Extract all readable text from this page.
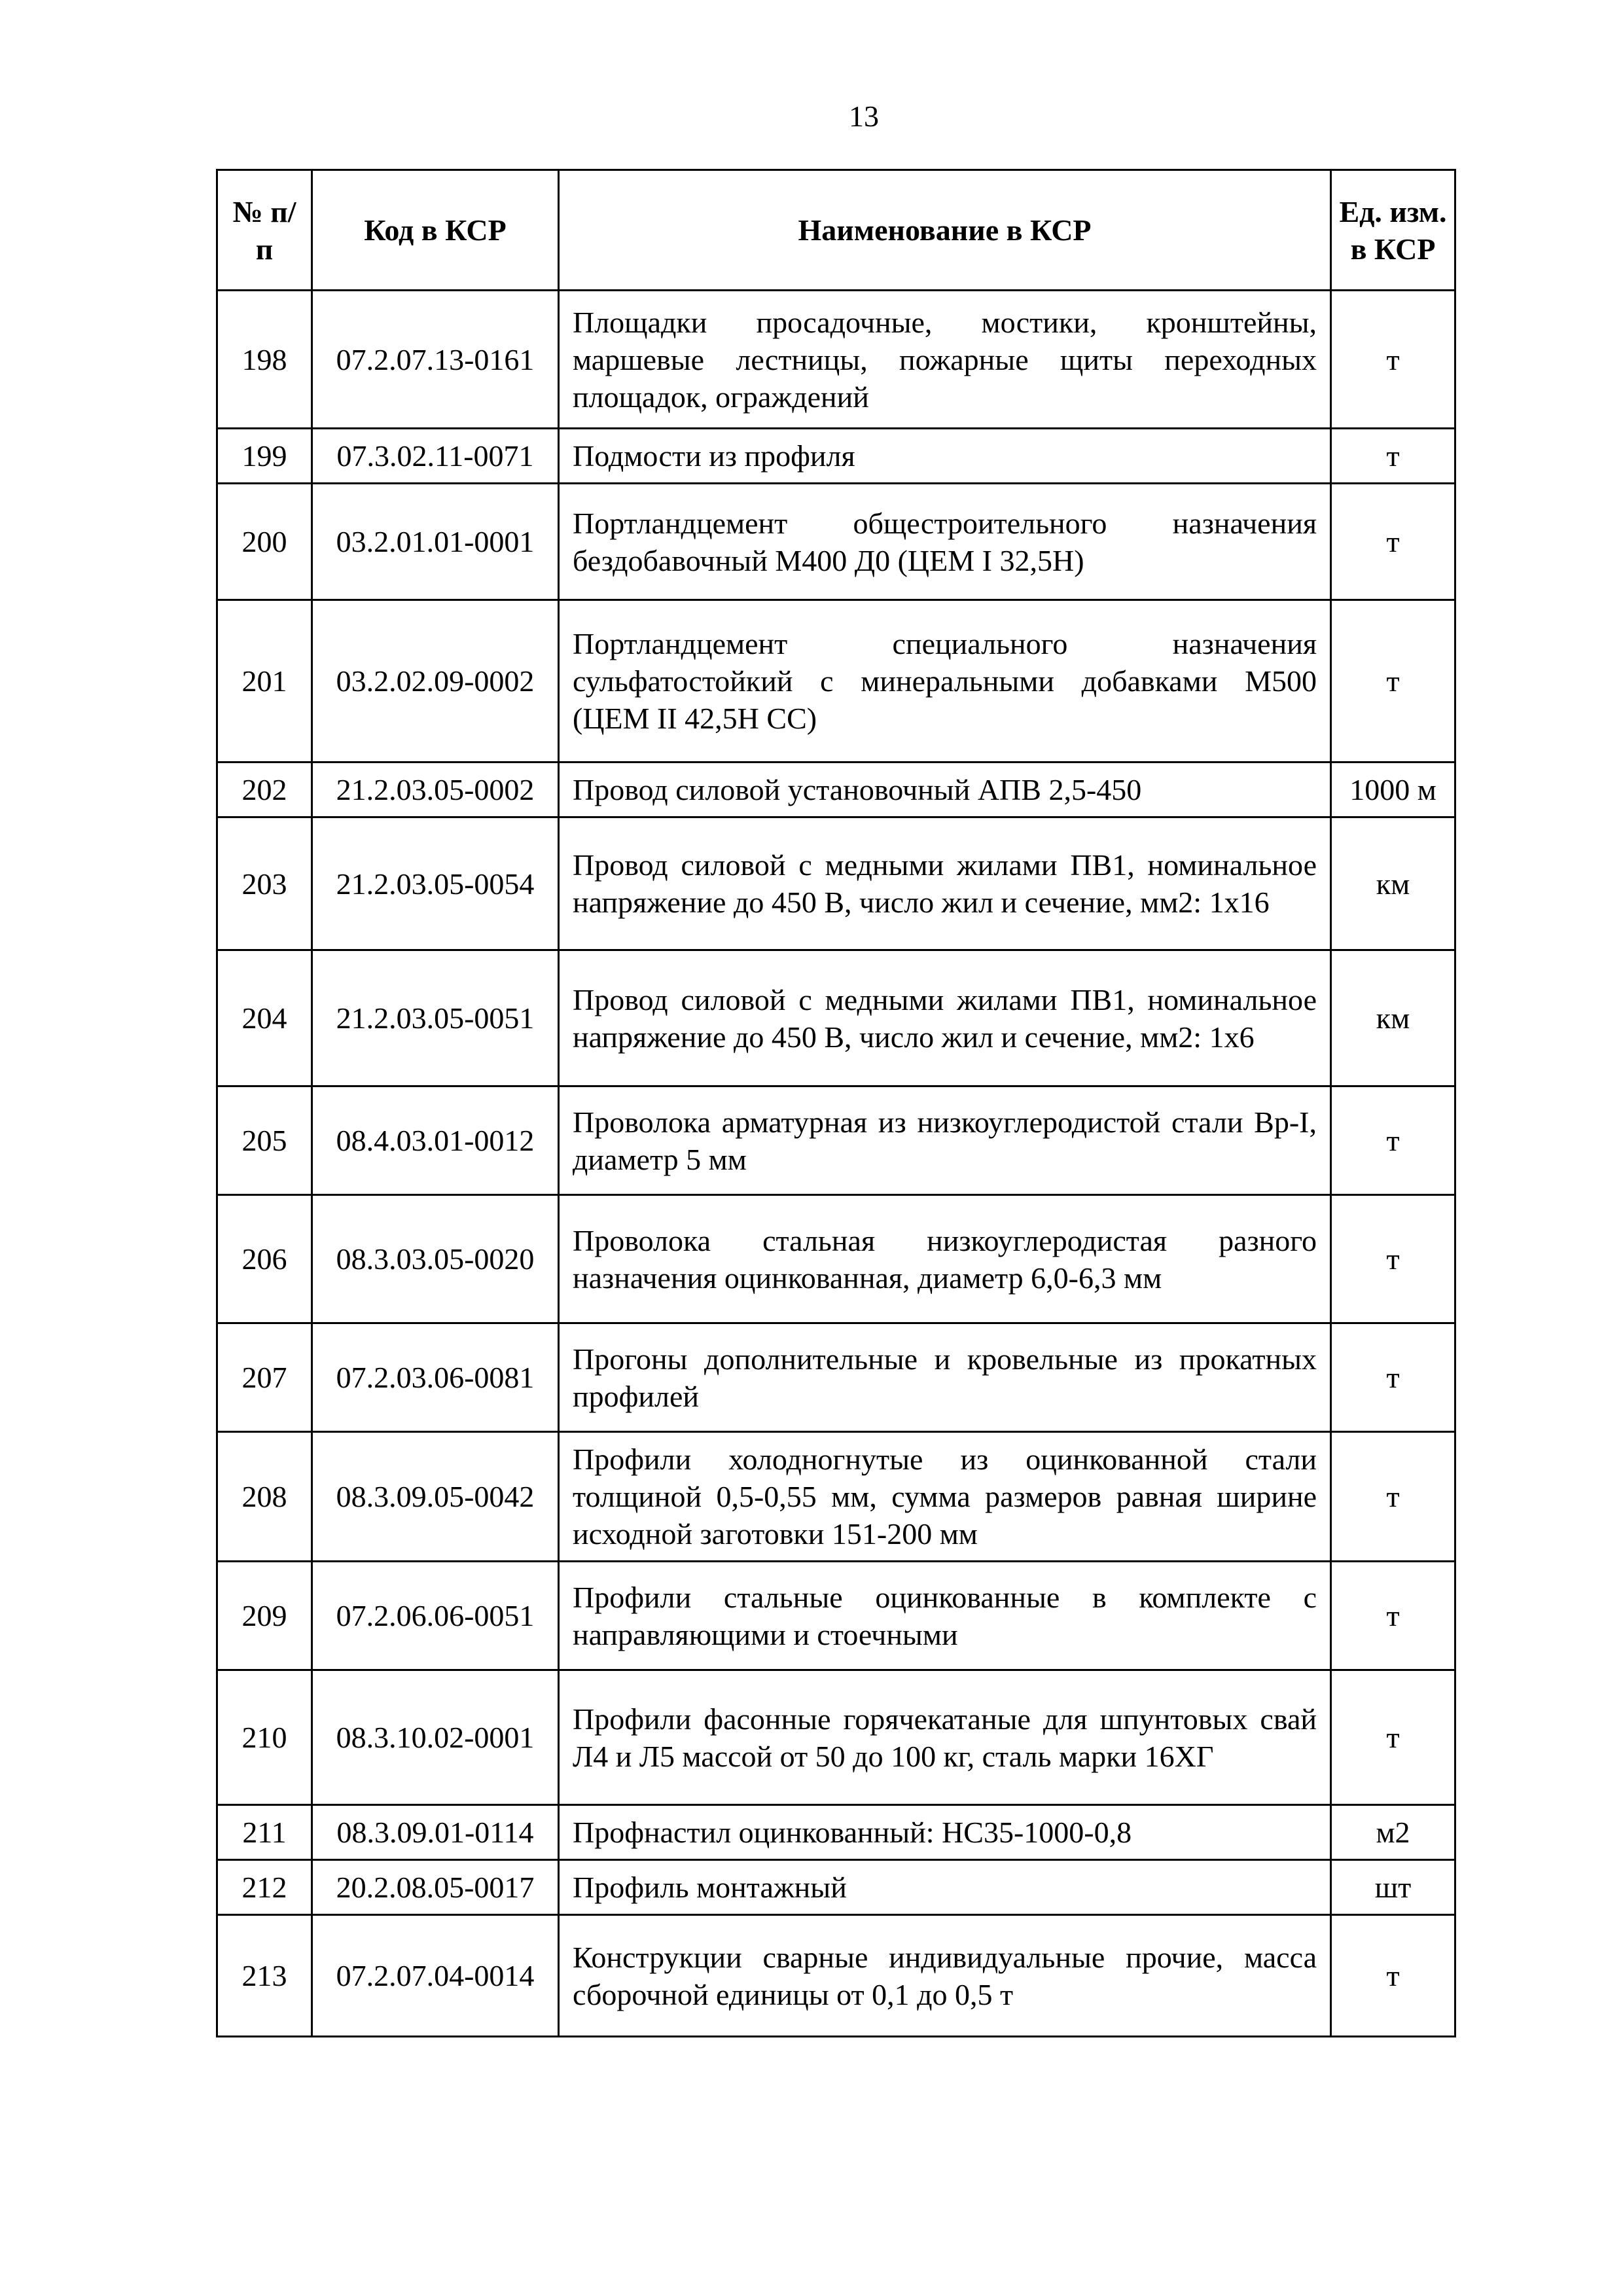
13
№ п/п	Код в КСР	Наименование в КСР	Ед. изм. в КСР
198	07.2.07.13-0161	Площадки просадочные, мостики, кронштейны, маршевые лестницы, пожарные щиты переходных площадок, ограждений	т
199	07.3.02.11-0071	Подмости из профиля	т
200	03.2.01.01-0001	Портландцемент общестроительного назначения бездобавочный М400 Д0 (ЦЕМ I 32,5Н)	т
201	03.2.02.09-0002	Портландцемент специального назначения сульфатостойкий с минеральными добавками М500 (ЦЕМ II 42,5Н СС)	т
202	21.2.03.05-0002	Провод силовой установочный АПВ 2,5-450	1000 м
203	21.2.03.05-0054	Провод силовой с медными жилами ПВ1, номинальное напряжение до 450 В, число жил и сечение, мм2: 1х16	км
204	21.2.03.05-0051	Провод силовой с медными жилами ПВ1, номинальное напряжение до 450 В, число жил и сечение, мм2: 1х6	км
205	08.4.03.01-0012	Проволока арматурная из низкоуглеродистой стали Вр-I, диаметр 5 мм	т
206	08.3.03.05-0020	Проволока стальная низкоуглеродистая разного назначения оцинкованная, диаметр 6,0-6,3 мм	т
207	07.2.03.06-0081	Прогоны дополнительные и кровельные из прокатных профилей	т
208	08.3.09.05-0042	Профили холодногнутые из оцинкованной стали толщиной 0,5-0,55 мм, сумма размеров равная ширине исходной заготовки 151-200 мм	т
209	07.2.06.06-0051	Профили стальные оцинкованные в комплекте с направляющими и стоечными	т
210	08.3.10.02-0001	Профили фасонные горячекатаные для шпунтовых свай Л4 и Л5 массой от 50 до 100 кг, сталь марки 16ХГ	т
211	08.3.09.01-0114	Профнастил оцинкованный: НС35-1000-0,8	м2
212	20.2.08.05-0017	Профиль монтажный	шт
213	07.2.07.04-0014	Конструкции сварные индивидуальные прочие, масса сборочной единицы от 0,1 до 0,5 т	т
